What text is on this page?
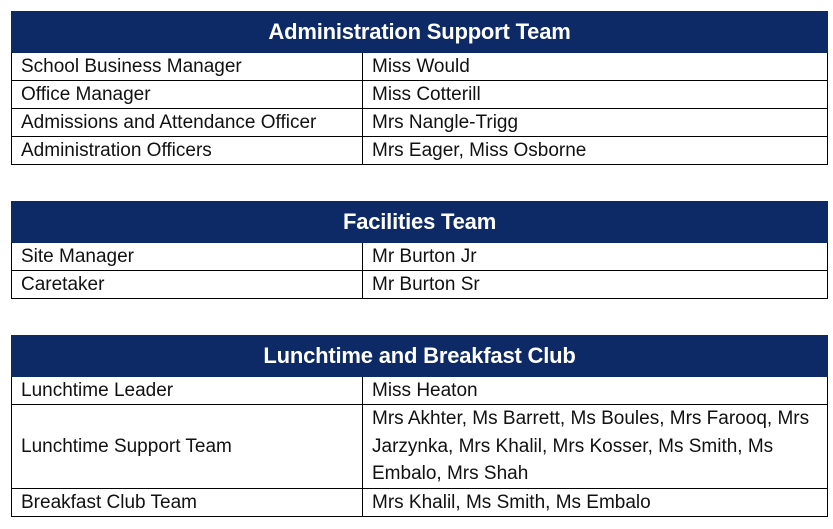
Administration Support Team	
School Business Manager	Miss Would
Office Manager	Miss Cotterill
Admissions and Attendance Officer	Mrs Nangle-Trigg
Administration Officers	Mrs Eager, Miss Osborne
Facilities Team	
Site Manager	Mr Burton Jr
Caretaker	Mr Burton Sr
Lunchtime and Breakfast Club	
Lunchtime Leader	Miss Heaton
Lunchtime Support Team	Mrs Akhter, Ms Barrett, Ms Boules, Mrs Farooq, Mrs Jarzynka, Mrs Khalil, Mrs Kosser, Ms Smith, Ms Embalo, Mrs Shah
Breakfast Club Team	Mrs Khalil, Ms Smith, Ms Embalo
